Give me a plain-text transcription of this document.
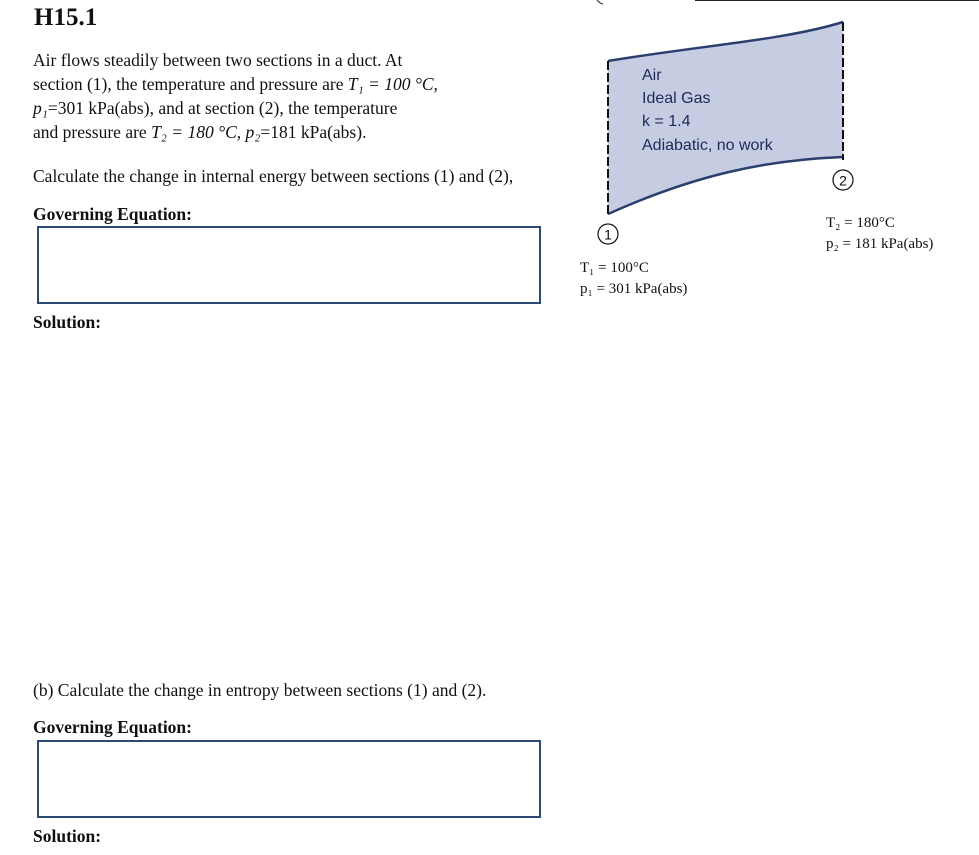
H15.1
Air flows steadily between two sections in a duct. At
section (1), the temperature and pressure are T₁ = 100 °C,
p₁=301 kPa(abs), and at section (2), the temperature
and pressure are T₂ = 180 °C, p₂=181 kPa(abs).
Calculate the change in internal energy between sections (1) and (2),
Governing Equation:
Solution:
(b) Calculate the change in entropy between sections (1) and (2).
Governing Equation:
Solution:
1
2
Air
Ideal Gas
k = 1.4
Adiabatic, no work
T₁ = 100°C
p₁ = 301 kPa(abs)
T₂ = 180°C
p₂ = 181 kPa(abs)
